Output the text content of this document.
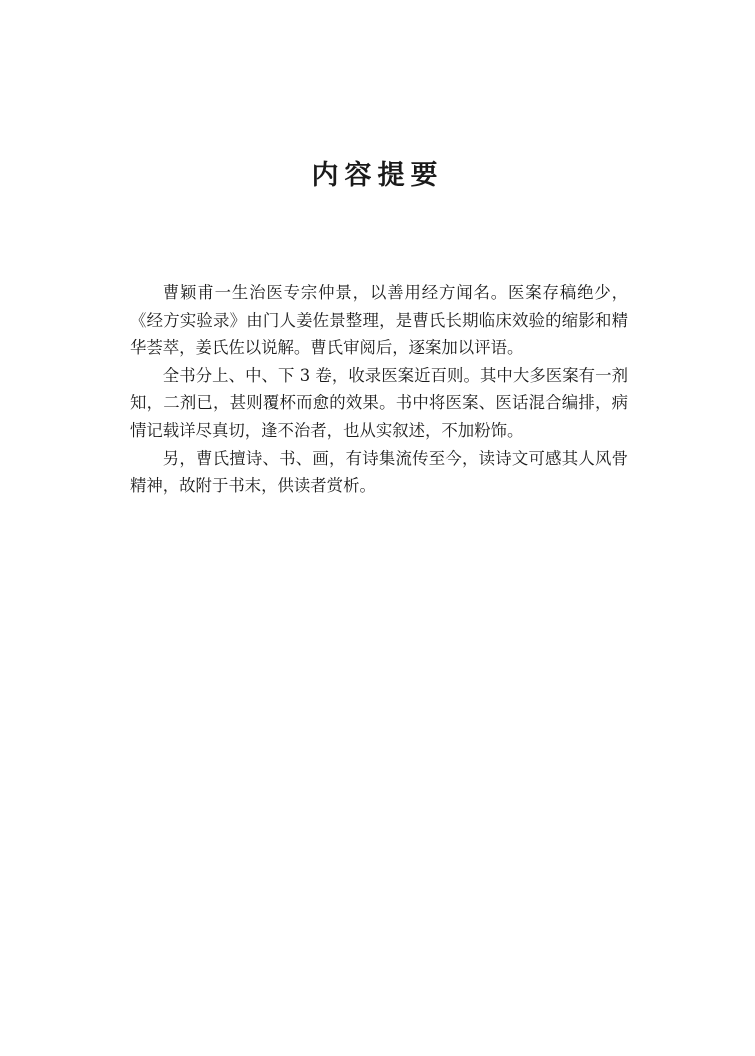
内容提要

曹颖甫一生治医专宗仲景，以善用经方闻名。医案存稿绝少，《经方实验录》由门人姜佐景整理，是曹氏长期临床效验的缩影和精华荟萃，姜氏佐以说解。曹氏审阅后，逐案加以评语。

全书分上、中、下 3 卷，收录医案近百则。其中大多医案有一剂知，二剂已，甚则覆杯而愈的效果。书中将医案、医话混合编排，病情记载详尽真切，逢不治者，也从实叙述，不加粉饰。

另，曹氏擅诗、书、画，有诗集流传至今，读诗文可感其人风骨精神，故附于书末，供读者赏析。
